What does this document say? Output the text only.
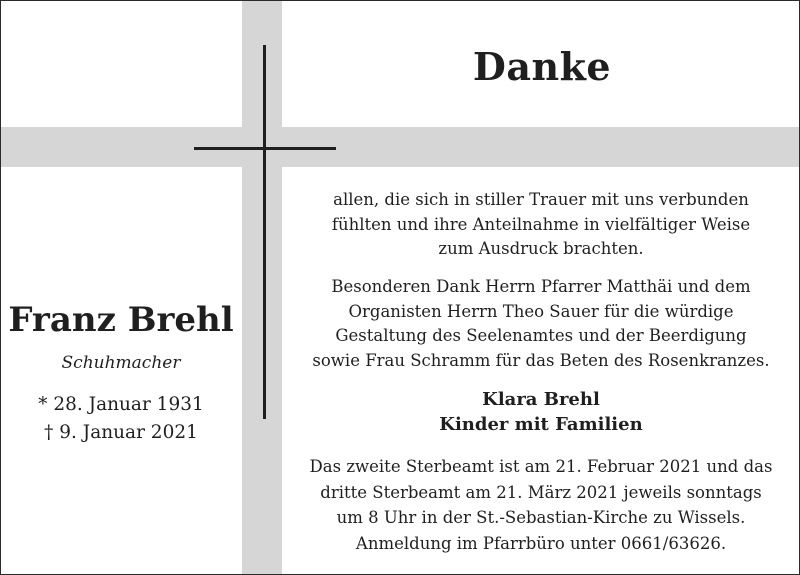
Danke
Franz Brehl
Schuhmacher
* 28. Januar 1931
† 9. Januar 2021
allen, die sich in stiller Trauer mit uns verbunden
fühlten und ihre Anteilnahme in vielfältiger Weise
zum Ausdruck brachten.
Besonderen Dank Herrn Pfarrer Matthäi und dem
Organisten Herrn Theo Sauer für die würdige
Gestaltung des Seelenamtes und der Beerdigung
sowie Frau Schramm für das Beten des Rosenkranzes.
Klara Brehl
Kinder mit Familien
Das zweite Sterbeamt ist am 21. Februar 2021 und das
dritte Sterbeamt am 21. März 2021 jeweils sonntags
um 8 Uhr in der St.-Sebastian-Kirche zu Wissels.
Anmeldung im Pfarrbüro unter 0661/63626.
